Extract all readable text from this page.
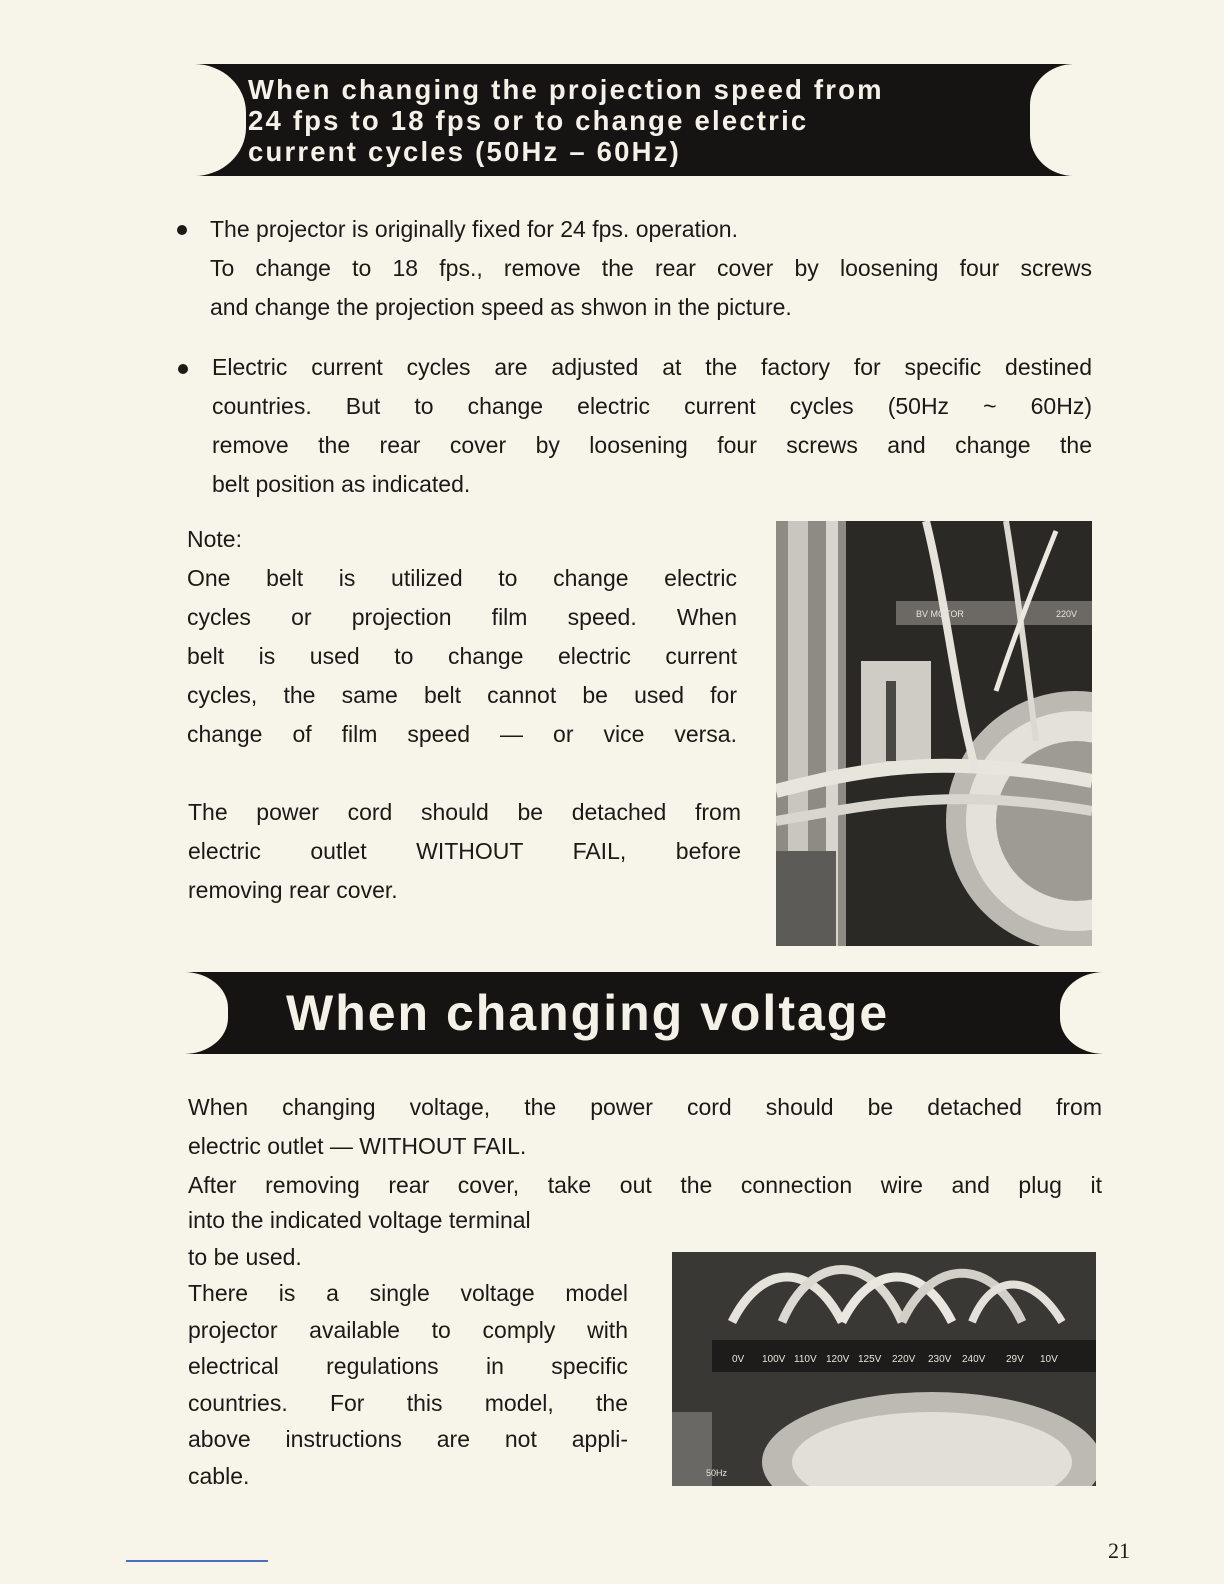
When changing the projection speed from
24 fps to 18 fps or to change electric
current cycles (50Hz – 60Hz)
The projector is originally fixed for 24 fps. operation.
To change to 18 fps., remove the rear cover by loosening four screws
and change the projection speed as shwon in the picture.
Electric current cycles are adjusted at the factory for specific destined
countries. But to change electric current cycles (50Hz ~ 60Hz)
remove the rear cover by loosening four screws and change the
belt position as indicated.
Note:
One belt is utilized to change electric
cycles or projection film speed. When
belt is used to change electric current
cycles, the same belt cannot be used for
change of film speed — or vice versa.
The power cord should be detached from
electric outlet WITHOUT FAIL, before
removing rear cover.
BV MOTOR	220V
When changing voltage
When changing voltage, the power cord should be detached from
electric outlet — WITHOUT FAIL.
After removing rear cover, take out the connection wire and plug it
into the indicated voltage terminal
to be used.
There is a single voltage model
projector available to comply with
electrical regulations in specific
countries. For this model, the
above instructions are not appli-
cable.
0V 100V 110V 120V 125V 220V 230V 240V 29V 10V
50Hz
21
